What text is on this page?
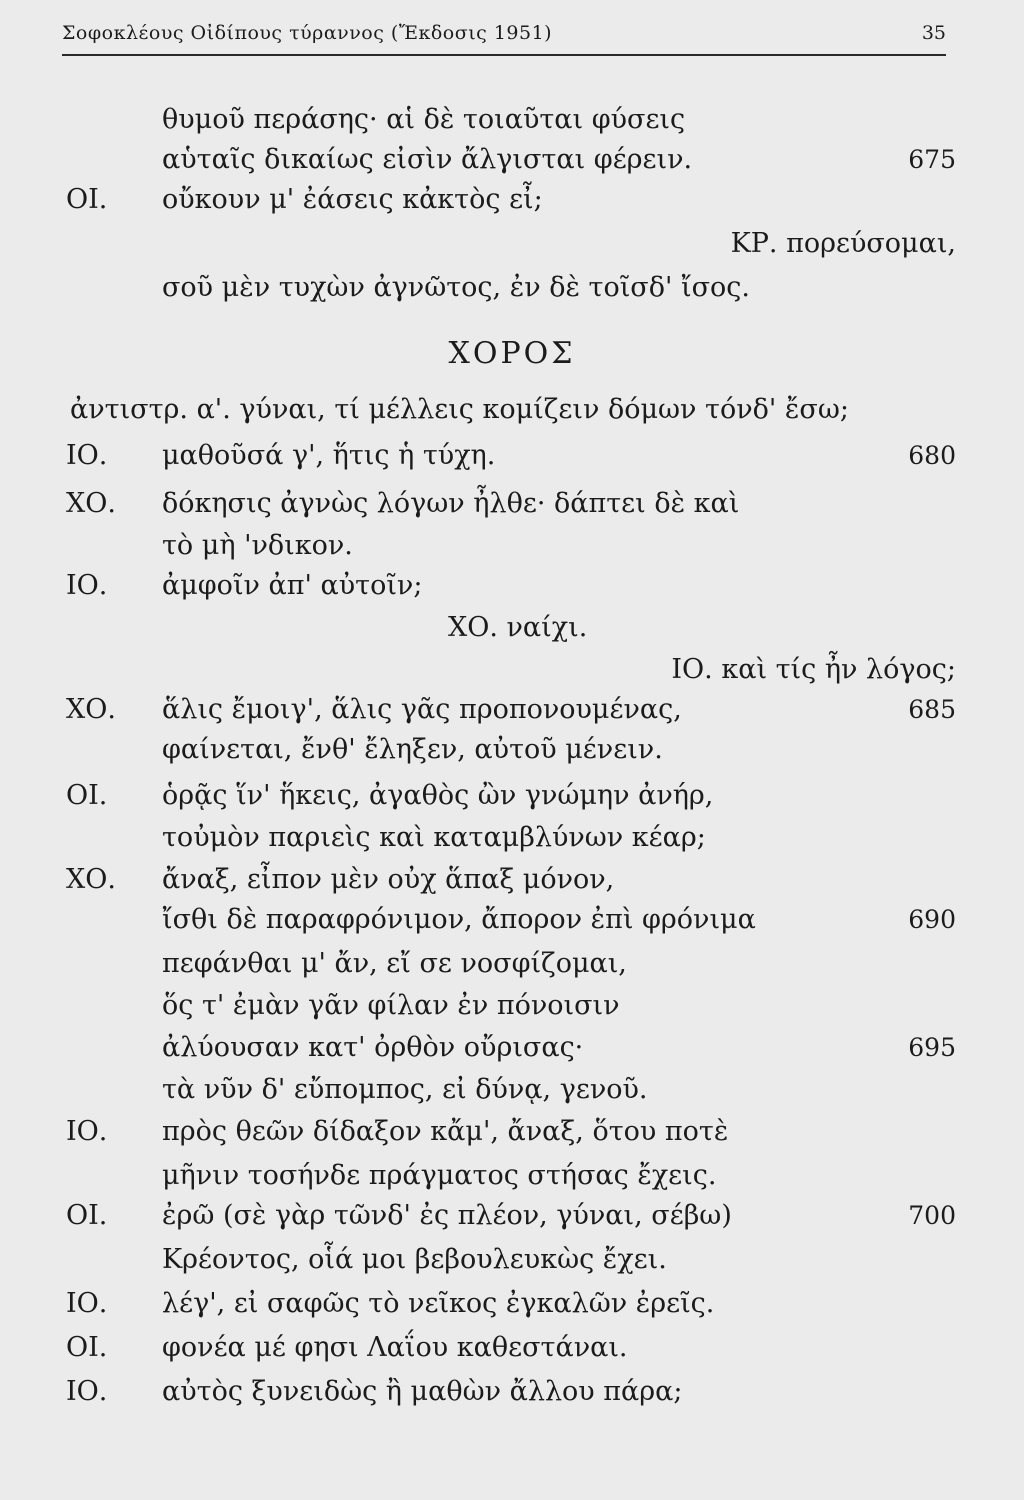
Σοφοκλέους Οἰδίπους τύραννος (Ἔκδοσις 1951)	35
θυμοῦ περάσης· αἱ δὲ τοιαῦται φύσεις
αὑταῖς δικαίως εἰσὶν ἄλγισται φέρειν.	675
ΟΙ. οὔκουν μ' ἐάσεις κἀκτὸς εἶ;
ΚΡ. πορεύσομαι,
σοῦ μὲν τυχὼν ἀγνῶτος, ἐν δὲ τοῖσδ' ἴσος.
ΧΟΡΟΣ
ἀντιστρ. α'. γύναι, τί μέλλεις κομίζειν δόμων τόνδ' ἔσω;
ΙΟ. μαθοῦσά γ', ἥτις ἡ τύχη.	680
ΧΟ. δόκησις ἀγνὼς λόγων ἦλθε· δάπτει δὲ καὶ
τὸ μὴ 'νδικον.
ΙΟ. ἀμφοῖν ἀπ' αὐτοῖν;
ΧΟ. ναίχι.
ΙΟ. καὶ τίς ἦν λόγος;
ΧΟ. ἅλις ἔμοιγ', ἅλις γᾶς προπονουμένας,	685
φαίνεται, ἔνθ' ἔληξεν, αὐτοῦ μένειν.
ΟΙ. ὁρᾷς ἵν' ἥκεις, ἀγαθὸς ὢν γνώμην ἀνήρ,
τοὐμὸν παριεὶς καὶ καταμβλύνων κέαρ;
ΧΟ. ἄναξ, εἶπον μὲν οὐχ ἅπαξ μόνον,
ἴσθι δὲ παραφρόνιμον, ἄπορον ἐπὶ φρόνιμα	690
πεφάνθαι μ' ἄν, εἴ σε νοσφίζομαι,
ὅς τ' ἐμὰν γᾶν φίλαν ἐν πόνοισιν
ἀλύουσαν κατ' ὀρθὸν οὔρισας·	695
τὰ νῦν δ' εὔπομπος, εἰ δύνᾳ, γενοῦ.
ΙΟ. πρὸς θεῶν δίδαξον κἄμ', ἄναξ, ὅτου ποτὲ
μῆνιν τοσήνδε πράγματος στήσας ἔχεις.
ΟΙ. ἐρῶ (σὲ γὰρ τῶνδ' ἐς πλέον, γύναι, σέβω)	700
Κρέοντος, οἷά μοι βεβουλευκὼς ἔχει.
ΙΟ. λέγ', εἰ σαφῶς τὸ νεῖκος ἐγκαλῶν ἐρεῖς.
ΟΙ. φονέα μέ φησι Λαΐου καθεστάναι.
ΙΟ. αὐτὸς ξυνειδὼς ἢ μαθὼν ἄλλου πάρα;
